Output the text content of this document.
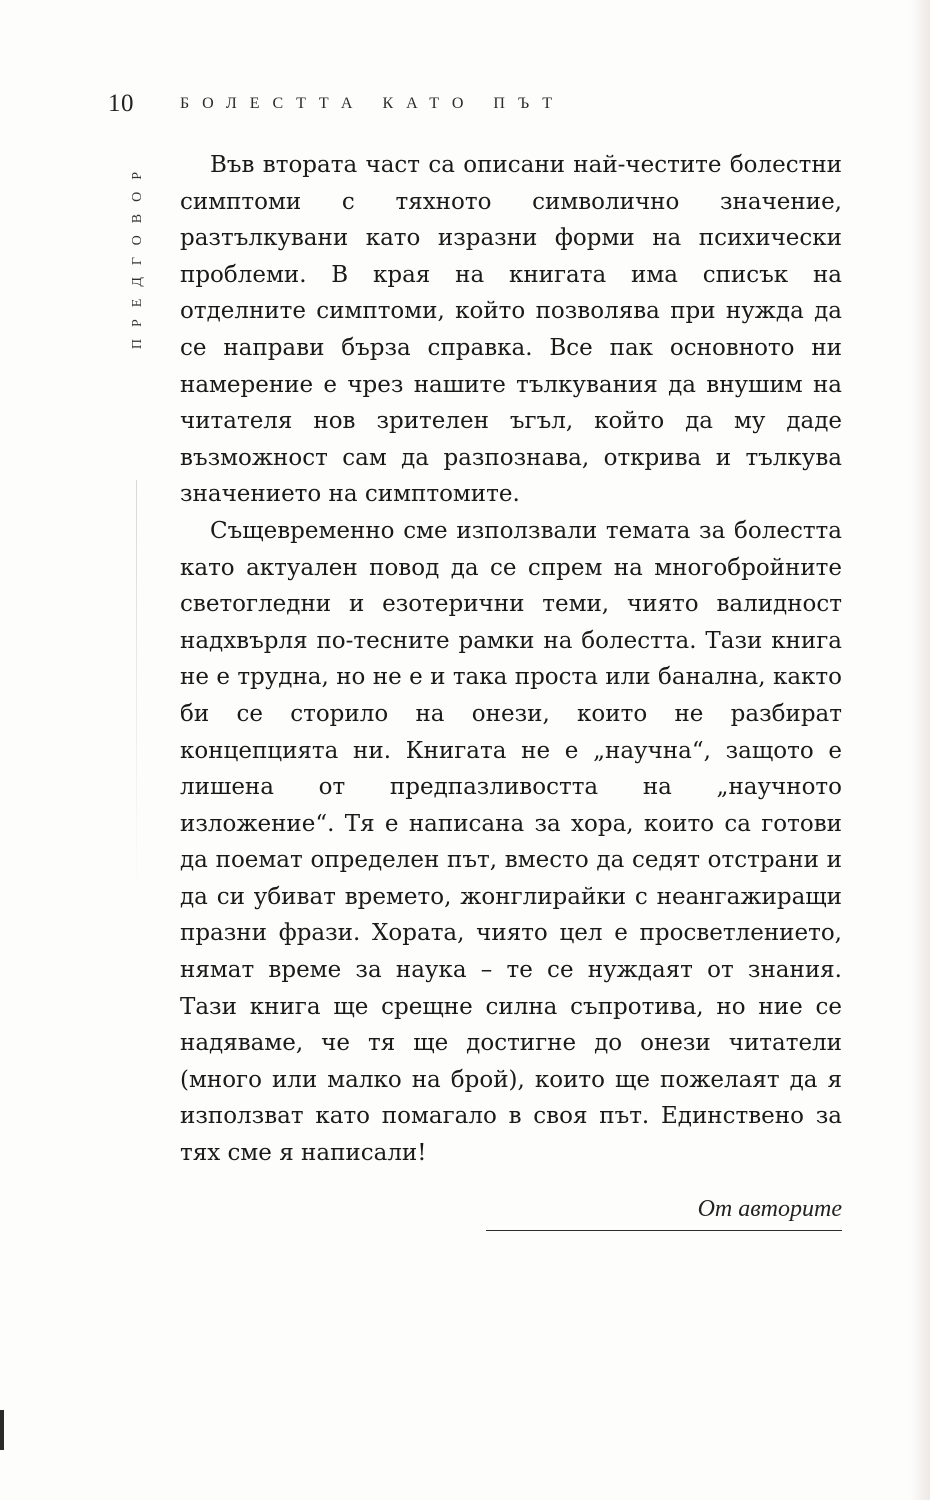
10	БОЛЕСТТА КАТО ПЪТ
ПРЕДГОВОР	Във втората част са описани най-честите болестни симптоми с тяхното символично значение, разтълкувани като изразни форми на психически проблеми. В края на книгата има списък на отделните симптоми, който позволява при нужда да се направи бърза справка. Все пак основното ни намерение е чрез нашите тълкувания да внушим на читателя нов зрителен ъгъл, който да му даде възможност сам да разпознава, открива и тълкува значението на симптомите.

Същевременно сме използвали темата за болестта като актуален повод да се спрем на многобройните светогледни и езотерични теми, чиято валидност надхвърля по-тесните рамки на болестта. Тази книга не е трудна, но не е и така проста или банална, както би се сторило на онези, които не разбират концепцията ни. Книгата не е „научна“, защото е лишена от предпазливостта на „научното изложение“. Тя е написана за хора, които са готови да поемат определен път, вместо да седят отстрани и да си убиват времето, жонглирайки с неангажиращи празни фрази. Хората, чиято цел е просветлението, нямат време за наука – те се нуждаят от знания. Тази книга ще срещне силна съпротива, но ние се надяваме, че тя ще достигне до онези читатели (много или малко на брой), които ще пожелаят да я използват като помагало в своя път. Единствено за тях сме я написали!

От авторите
